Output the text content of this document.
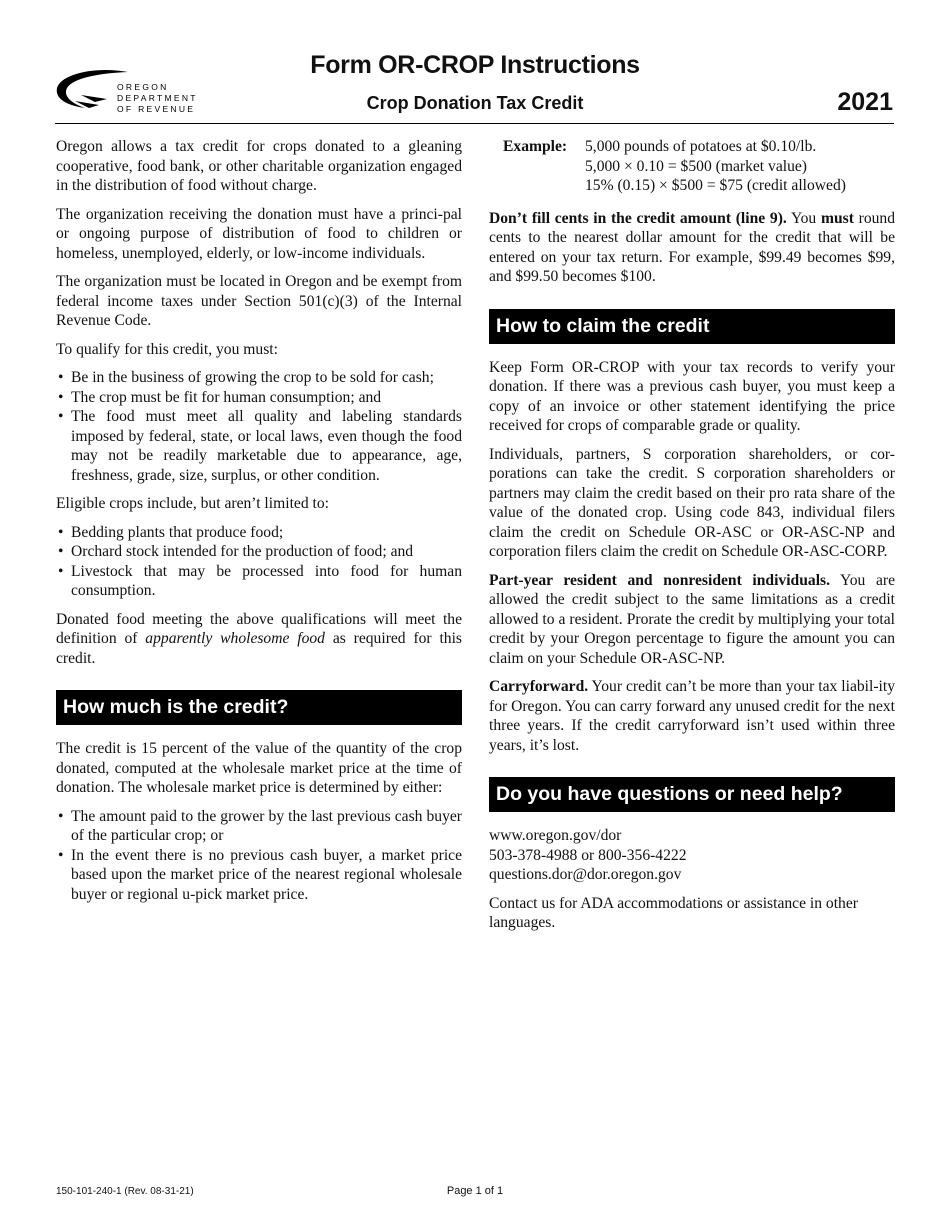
OREGON
DEPARTMENT
OF REVENUE
Form OR-CROP Instructions
Crop Donation Tax Credit	2021

Oregon allows a tax credit for crops donated to a gleaning cooperative, food bank, or other charitable organization engaged in the distribution of food without charge.

The organization receiving the donation must have a princi-pal or ongoing purpose of distribution of food to children or homeless, unemployed, elderly, or low-income individuals.

The organization must be located in Oregon and be exempt from federal income taxes under Section 501(c)(3) of the Internal Revenue Code.

To qualify for this credit, you must:

• Be in the business of growing the crop to be sold for cash;
• The crop must be fit for human consumption; and
• The food must meet all quality and labeling standards imposed by federal, state, or local laws, even though the food may not be readily marketable due to appearance, age, freshness, grade, size, surplus, or other condition.

Eligible crops include, but aren’t limited to:

• Bedding plants that produce food;
• Orchard stock intended for the production of food; and
• Livestock that may be processed into food for human consumption.

Donated food meeting the above qualifications will meet the definition of apparently wholesome food as required for this credit.

How much is the credit?

The credit is 15 percent of the value of the quantity of the crop donated, computed at the wholesale market price at the time of donation. The wholesale market price is determined by either:

• The amount paid to the grower by the last previous cash buyer of the particular crop; or
• In the event there is no previous cash buyer, a market price based upon the market price of the nearest regional wholesale buyer or regional u-pick market price.
Example:	5,000 pounds of potatoes at $0.10/lb.
5,000 × 0.10 = $500 (market value)
15% (0.15) × $500 = $75 (credit allowed)

Don’t fill cents in the credit amount (line 9). You must round cents to the nearest dollar amount for the credit that will be entered on your tax return. For example, $99.49 becomes $99, and $99.50 becomes $100.

How to claim the credit

Keep Form OR-CROP with your tax records to verify your donation. If there was a previous cash buyer, you must keep a copy of an invoice or other statement identifying the price received for crops of comparable grade or quality.

Individuals, partners, S corporation shareholders, or cor-porations can take the credit. S corporation shareholders or partners may claim the credit based on their pro rata share of the value of the donated crop. Using code 843, individual filers claim the credit on Schedule OR-ASC or OR-ASC-NP and corporation filers claim the credit on Schedule OR-ASC-CORP.

Part-year resident and nonresident individuals. You are allowed the credit subject to the same limitations as a credit allowed to a resident. Prorate the credit by multiplying your total credit by your Oregon percentage to figure the amount you can claim on your Schedule OR-ASC-NP.

Carryforward. Your credit can’t be more than your tax liabil-ity for Oregon. You can carry forward any unused credit for the next three years. If the credit carryforward isn’t used within three years, it’s lost.

Do you have questions or need help?

www.oregon.gov/dor
503-378-4988 or 800-356-4222
questions.dor@dor.oregon.gov

Contact us for ADA accommodations or assistance in other languages.

150-101-240-1 (Rev. 08-31-21)	Page 1 of 1
